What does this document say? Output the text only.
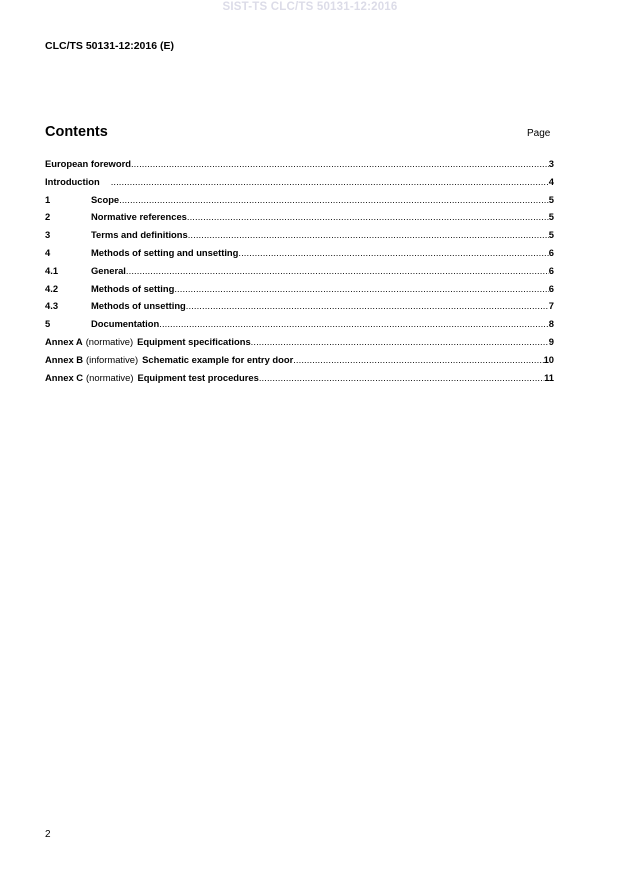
SIST-TS CLC/TS 50131-12:2016
CLC/TS 50131-12:2016 (E)
Contents	Page
European foreword .....	3
Introduction .....	4
1	Scope .....	5
2	Normative references .....	5
3	Terms and definitions .....	5
4	Methods of setting and unsetting .....	6
4.1	General .....	6
4.2	Methods of setting .....	6
4.3	Methods of unsetting .....	7
5	Documentation .....	8
Annex A (normative) Equipment specifications .....	9
Annex B (informative) Schematic example for entry door .....	10
Annex C (normative) Equipment test procedures .....	11
2
